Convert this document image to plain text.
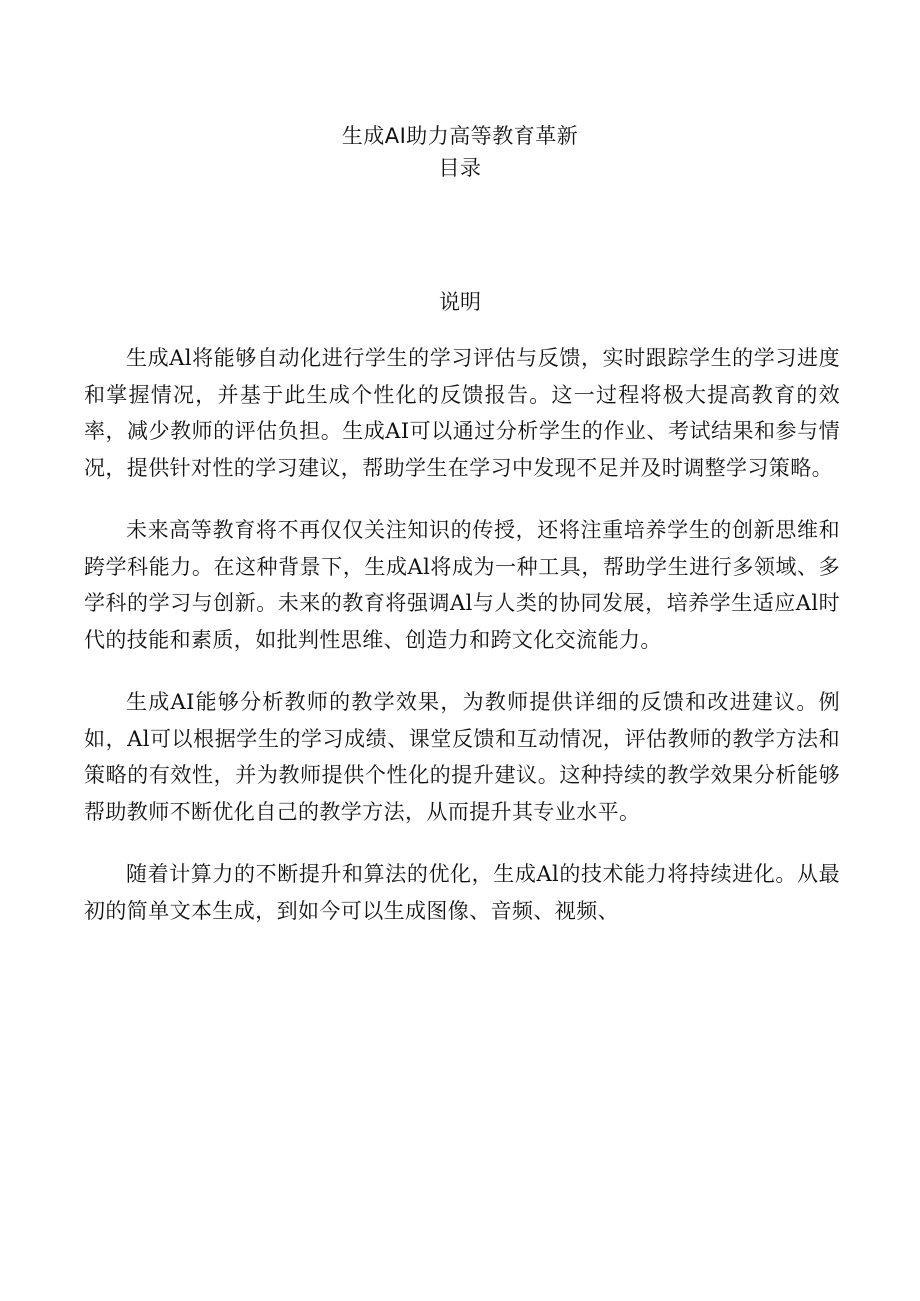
生成AI助力高等教育革新
目录
说明

生成Al将能够自动化进行学生的学习评估与反馈，实时跟踪学生的学习进度和掌握情况，并基于此生成个性化的反馈报告。这一过程将极大提高教育的效率，减少教师的评估负担。生成AI可以通过分析学生的作业、考试结果和参与情况，提供针对性的学习建议，帮助学生在学习中发现不足并及时调整学习策略。

未来高等教育将不再仅仅关注知识的传授，还将注重培养学生的创新思维和跨学科能力。在这种背景下，生成Al将成为一种工具，帮助学生进行多领域、多学科的学习与创新。未来的教育将强调Al与人类的协同发展，培养学生适应Al时代的技能和素质，如批判性思维、创造力和跨文化交流能力。

生成AI能够分析教师的教学效果，为教师提供详细的反馈和改进建议。例如，Al可以根据学生的学习成绩、课堂反馈和互动情况，评估教师的教学方法和策略的有效性，并为教师提供个性化的提升建议。这种持续的教学效果分析能够帮助教师不断优化自己的教学方法，从而提升其专业水平。

随着计算力的不断提升和算法的优化，生成Al的技术能力将持续进化。从最初的简单文本生成，到如今可以生成图像、音频、视频、
